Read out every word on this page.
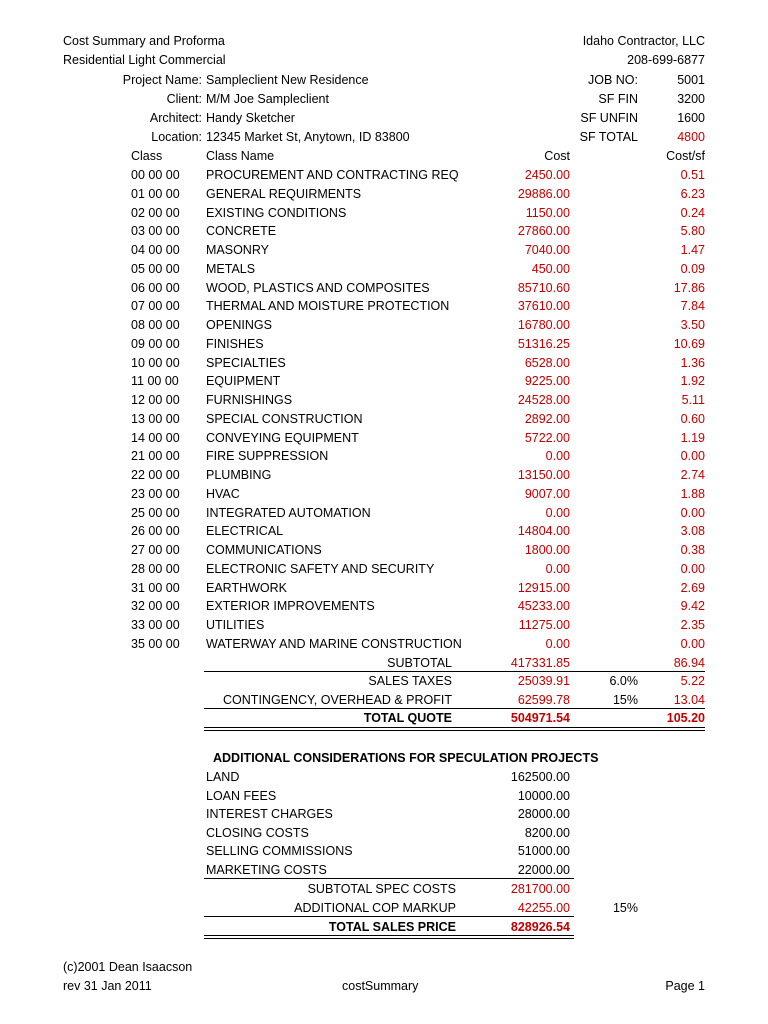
Cost Summary and Proforma
Residential Light Commercial
Idaho Contractor, LLC
208-699-6877
Project Name: Sampleclient New Residence
Client: M/M Joe Sampleclient
Architect: Handy Sketcher
Location: 12345 Market St, Anytown, ID 83800
JOB NO:	5001
SF FIN	3200
SF UNFIN	1600
SF TOTAL	4800
Class	Class Name	Cost	Cost/sf
00 00 00 PROCUREMENT AND CONTRACTING REQ	2450.00	0.51
01 00 00 GENERAL REQUIRMENTS	29886.00	6.23
02 00 00 EXISTING CONDITIONS	1150.00	0.24
03 00 00 CONCRETE	27860.00	5.80
04 00 00 MASONRY	7040.00	1.47
05 00 00 METALS	450.00	0.09
06 00 00 WOOD, PLASTICS AND COMPOSITES	85710.60	17.86
07 00 00 THERMAL AND MOISTURE PROTECTION	37610.00	7.84
08 00 00 OPENINGS	16780.00	3.50
09 00 00 FINISHES	51316.25	10.69
10 00 00 SPECIALTIES	6528.00	1.36
11 00 00 EQUIPMENT	9225.00	1.92
12 00 00 FURNISHINGS	24528.00	5.11
13 00 00 SPECIAL CONSTRUCTION	2892.00	0.60
14 00 00 CONVEYING EQUIPMENT	5722.00	1.19
21 00 00 FIRE SUPPRESSION	0.00	0.00
22 00 00 PLUMBING	13150.00	2.74
23 00 00 HVAC	9007.00	1.88
25 00 00 INTEGRATED AUTOMATION	0.00	0.00
26 00 00 ELECTRICAL	14804.00	3.08
27 00 00 COMMUNICATIONS	1800.00	0.38
28 00 00 ELECTRONIC SAFETY AND SECURITY	0.00	0.00
31 00 00 EARTHWORK	12915.00	2.69
32 00 00 EXTERIOR IMPROVEMENTS	45233.00	9.42
33 00 00 UTILITIES	11275.00	2.35
35 00 00 WATERWAY AND MARINE CONSTRUCTION	0.00	0.00
SUBTOTAL	417331.85	86.94
SALES TAXES	25039.91	6.0%	5.22
CONTINGENCY, OVERHEAD & PROFIT	62599.78	15%	13.04
TOTAL QUOTE	504971.54	105.20
ADDITIONAL CONSIDERATIONS FOR SPECULATION PROJECTS
LAND	162500.00
LOAN FEES	10000.00
INTEREST CHARGES	28000.00
CLOSING COSTS	8200.00
SELLING COMMISSIONS	51000.00
MARKETING COSTS	22000.00
SUBTOTAL SPEC COSTS	281700.00
ADDITIONAL COP MARKUP	42255.00	15%
TOTAL SALES PRICE	828926.54
(c)2001 Dean Isaacson
rev 31 Jan 2011	costSummary	Page 1
